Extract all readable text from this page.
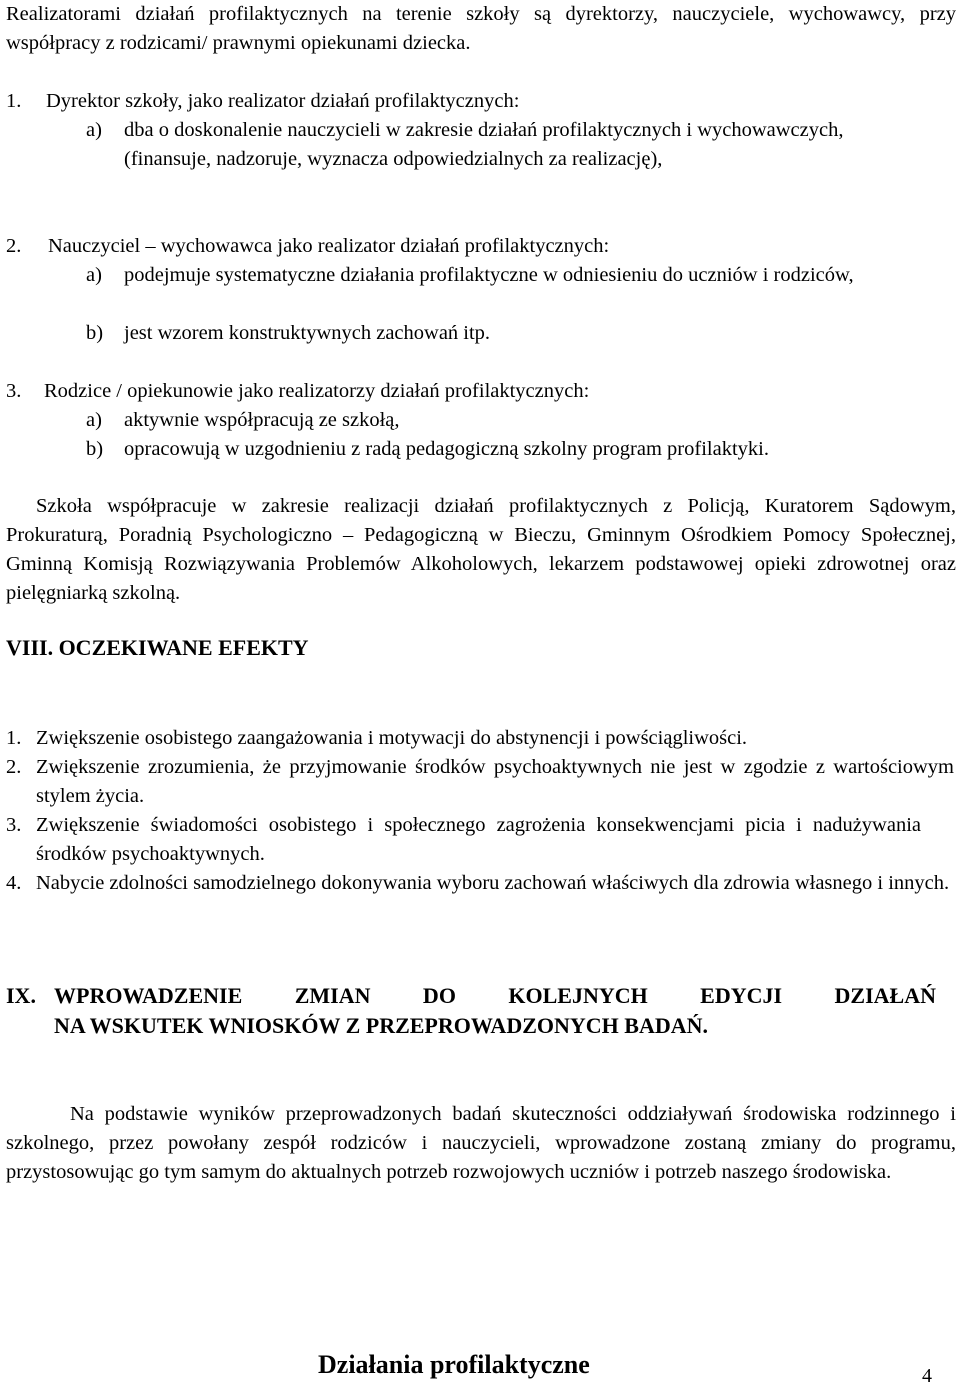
Realizatorami działań profilaktycznych na terenie szkoły są dyrektorzy, nauczyciele, wychowawcy, przy współpracy z rodzicami/ prawnymi opiekunami dziecka.

1. Dyrektor szkoły, jako realizator działań profilaktycznych:
a) dba o doskonalenie nauczycieli w zakresie działań profilaktycznych i wychowawczych, (finansuje, nadzoruje, wyznacza odpowiedzialnych za realizację),

2. Nauczyciel – wychowawca jako realizator działań profilaktycznych:
a) podejmuje systematyczne działania profilaktyczne w odniesieniu do uczniów i rodziców,

b) jest wzorem konstruktywnych zachowań itp.

3. Rodzice / opiekunowie jako realizatorzy działań profilaktycznych:
a) aktywnie współpracują ze szkołą,

b) opracowują w uzgodnieniu z radą pedagogiczną szkolny program profilaktyki.

Szkoła współpracuje w zakresie realizacji działań profilaktycznych z Policją, Kuratorem Sądowym, Prokuraturą, Poradnią Psychologiczno – Pedagogiczną w Bieczu, Gminnym Ośrodkiem Pomocy Społecznej, Gminną Komisją Rozwiązywania Problemów Alkoholowych, lekarzem podstawowej opieki zdrowotnej oraz pielęgniarką szkolną.

VIII. OCZEKIWANE EFEKTY
1. Zwiększenie osobistego zaangażowania i motywacji do abstynencji i powściągliwości.

2. Zwiększenie zrozumienia, że przyjmowanie środków psychoaktywnych nie jest w zgodzie z wartościowym stylem życia.

3. Zwiększenie świadomości osobistego i społecznego zagrożenia konsekwencjami picia i nadużywania środków psychoaktywnych.

4. Nabycie zdolności samodzielnego dokonywania wyboru zachowań właściwych dla zdrowia własnego i innych.

IX. WPROWADZENIE ZMIAN DO KOLEJNYCH EDYCJI DZIAŁAŃ
NA WSKUTEK WNIOSKÓW Z PRZEPROWADZONYCH BADAŃ.

Na podstawie wyników przeprowadzonych badań skuteczności oddziaływań środowiska rodzinnego i szkolnego, przez powołany zespół rodziców i nauczycieli, wprowadzone zostaną zmiany do programu, przystosowując go tym samym do aktualnych potrzeb rozwojowych uczniów i potrzeb naszego środowiska.

Działania profilaktyczne	4
